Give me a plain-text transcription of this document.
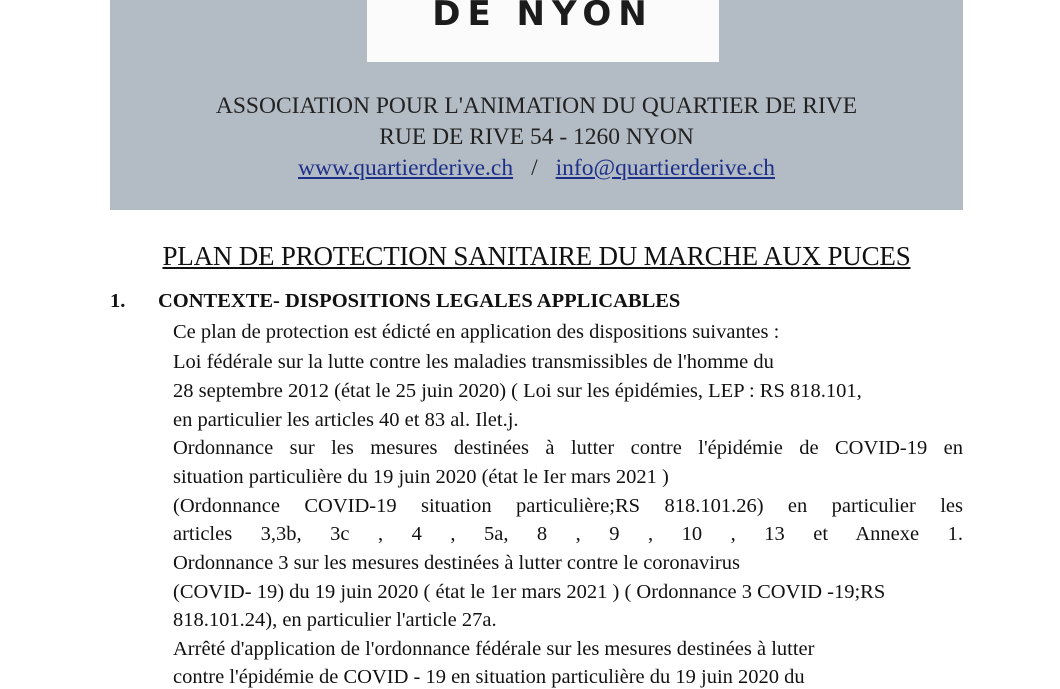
DE NYON
ASSOCIATION POUR L'ANIMATION DU QUARTIER DE RIVE
RUE DE RIVE 54 - 1260 NYON
www.quartierderive.ch / info@quartierderive.ch
PLAN DE PROTECTION SANITAIRE DU MARCHE AUX PUCES
1. CONTEXTE- DISPOSITIONS LEGALES APPLICABLES
Ce plan de protection est édicté en application des dispositions suivantes :
Loi fédérale sur la lutte contre les maladies transmissibles de l'homme du
28 septembre 2012 (état le 25 juin 2020) ( Loi sur les épidémies, LEP : RS 818.101,
en particulier les articles 40 et 83 al. Ilet.j.
Ordonnance sur les mesures destinées à lutter contre l'épidémie de COVID-19 en
situation particulière du 19 juin 2020 (état le Ier mars 2021 )
(Ordonnance COVID-19 situation particulière;RS 818.101.26) en particulier les
articles 3,3b, 3c , 4 , 5a, 8 , 9 , 10 , 13 et Annexe 1.
Ordonnance 3 sur les mesures destinées à lutter contre le coronavirus
(COVID- 19) du 19 juin 2020 ( état le 1er mars 2021 ) ( Ordonnance 3 COVID -19;RS
818.101.24), en particulier l'article 27a.
Arrêté d'application de l'ordonnance fédérale sur les mesures destinées à lutter
contre l'épidémie de COVID - 19 en situation particulière du 19 juin 2020 du
